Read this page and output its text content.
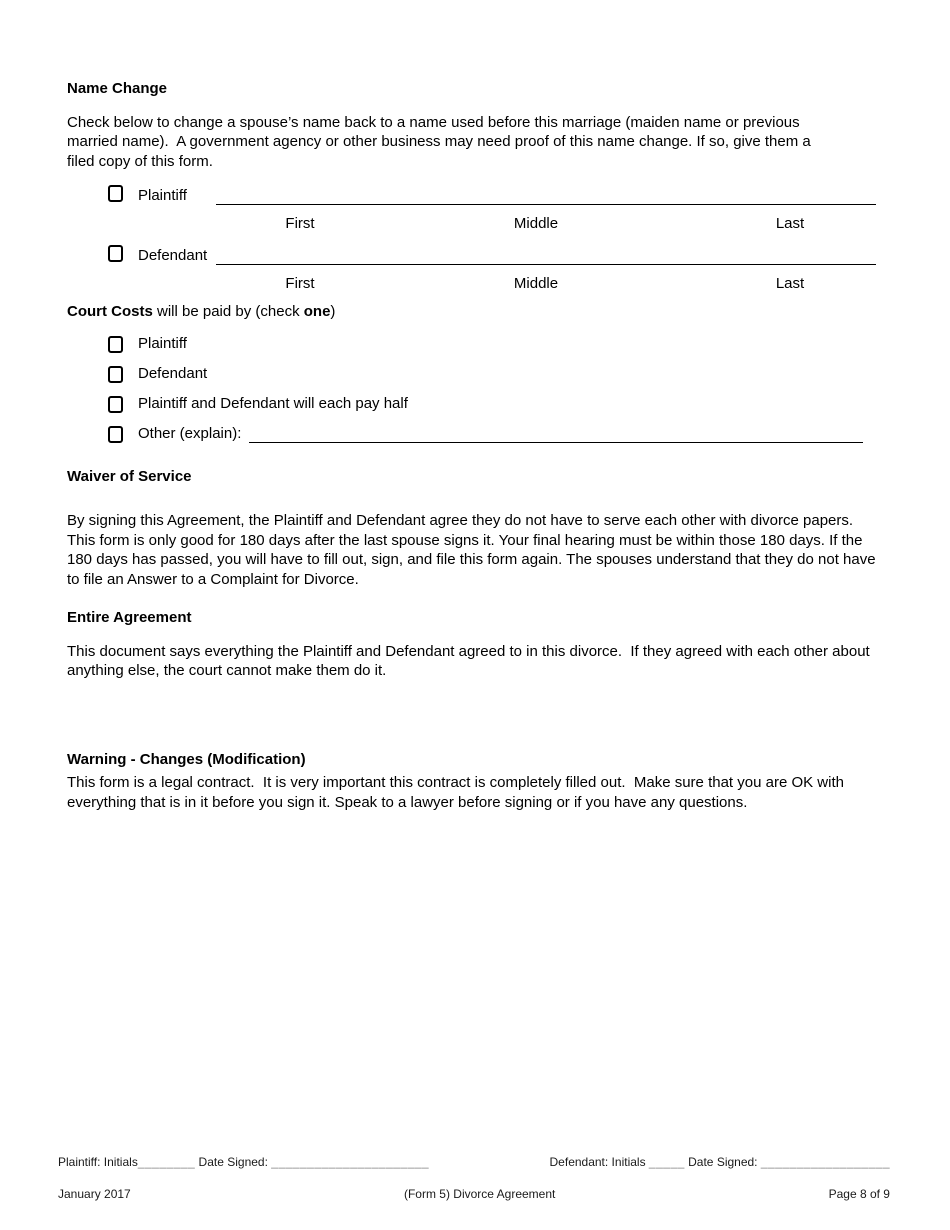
Name Change

Check below to change a spouse’s name back to a name used before this marriage (maiden name or previous married name).  A government agency or other business may need proof of this name change. If so, give them a filed copy of this form.

Plaintiff
First	Middle	Last
Defendant
First	Middle	Last

Court Costs will be paid by (check one)

Plaintiff
Defendant
Plaintiff and Defendant will each pay half
Other (explain):
Waiver of Service

By signing this Agreement, the Plaintiff and Defendant agree they do not have to serve each other with divorce papers. This form is only good for 180 days after the last spouse signs it. Your final hearing must be within those 180 days. If the 180 days has passed, you will have to fill out, sign, and file this form again. The spouses understand that they do not have to file an Answer to a Complaint for Divorce.

Entire Agreement

This document says everything the Plaintiff and Defendant agreed to in this divorce.  If they agreed with each other about anything else, the court cannot make them do it.

Warning - Changes (Modification)

This form is a legal contract.  It is very important this contract is completely filled out.  Make sure that you are OK with everything that is in it before you sign it. Speak to a lawyer before signing or if you have any questions.

Plaintiff: Initials ________ Date Signed: ______________________	Defendant: Initials _____ Date Signed: __________________
January 2017	(Form 5) Divorce Agreement	Page 8 of 9
